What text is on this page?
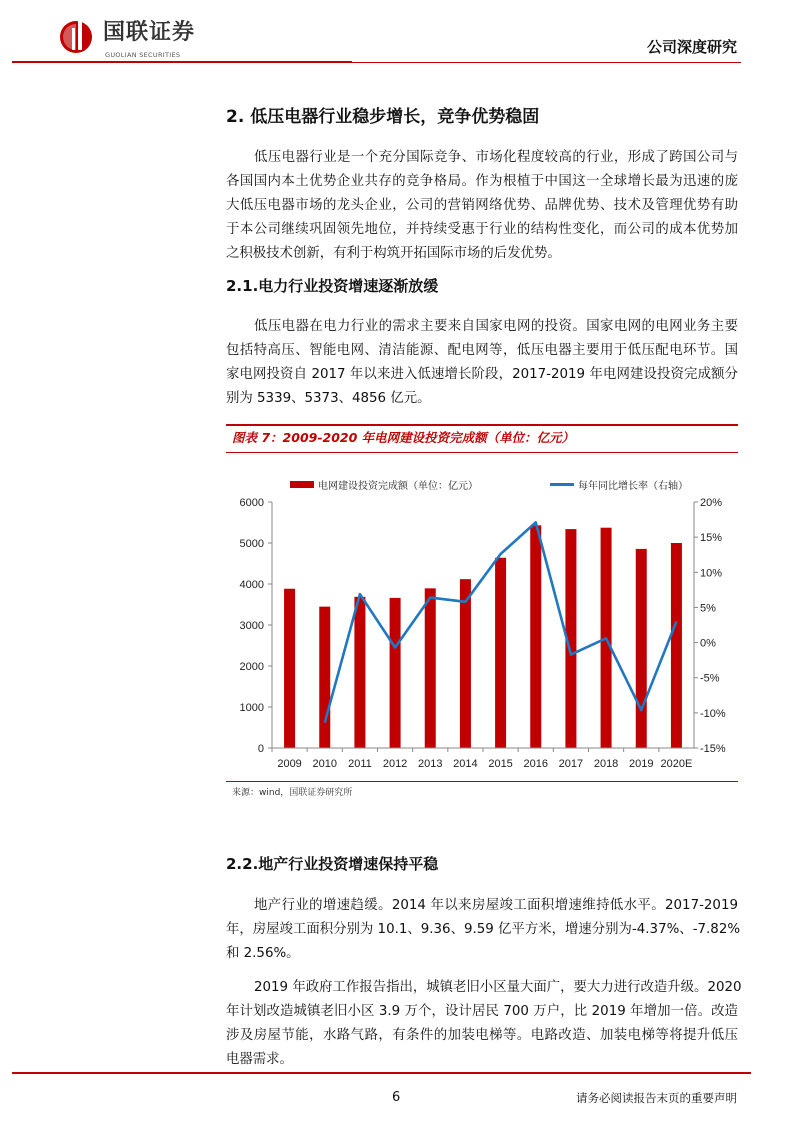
国联证券
GUOLIAN SECURITIES	公司深度研究
2. 低压电器行业稳步增长，竞争优势稳固
低压电器行业是一个充分国际竞争、市场化程度较高的行业，形成了跨国公司与
各国国内本土优势企业共存的竞争格局。作为根植于中国这一全球增长最为迅速的庞
大低压电器市场的龙头企业，公司的营销网络优势、品牌优势、技术及管理优势有助
于本公司继续巩固领先地位，并持续受惠于行业的结构性变化，而公司的成本优势加
之积极技术创新，有利于构筑开拓国际市场的后发优势。
2.1.电力行业投资增速逐渐放缓
低压电器在电力行业的需求主要来自国家电网的投资。国家电网的电网业务主要
包括特高压、智能电网、清洁能源、配电网等，低压电器主要用于低压配电环节。国
家电网投资自 2017 年以来进入低速增长阶段，2017-2019 年电网建设投资完成额分
别为 5339、5373、4856 亿元。
图表 7：2009-2020 年电网建设投资完成额（单位：亿元）
电网建设投资完成额（单位：亿元）	每年同比增长率（右轴）
0
1000
2000
3000
4000
5000
6000
-15%
-10%
-5%
0%
5%
10%
15%
20%
2009 2010 2011 2012 2013 2014 2015 2016 2017 2018 2019 2020E
来源：wind，国联证券研究所
2.2.地产行业投资增速保持平稳
地产行业的增速趋缓。2014 年以来房屋竣工面积增速维持低水平。2017-2019
年，房屋竣工面积分别为 10.1、9.36、9.59 亿平方米，增速分别为-4.37%、-7.82%
和 2.56%。
2019 年政府工作报告指出，城镇老旧小区量大面广，要大力进行改造升级。2020
年计划改造城镇老旧小区 3.9 万个，设计居民 700 万户，比 2019 年增加一倍。改造
涉及房屋节能，水路气路，有条件的加装电梯等。电路改造、加装电梯等将提升低压
电器需求。
6	请务必阅读报告末页的重要声明
